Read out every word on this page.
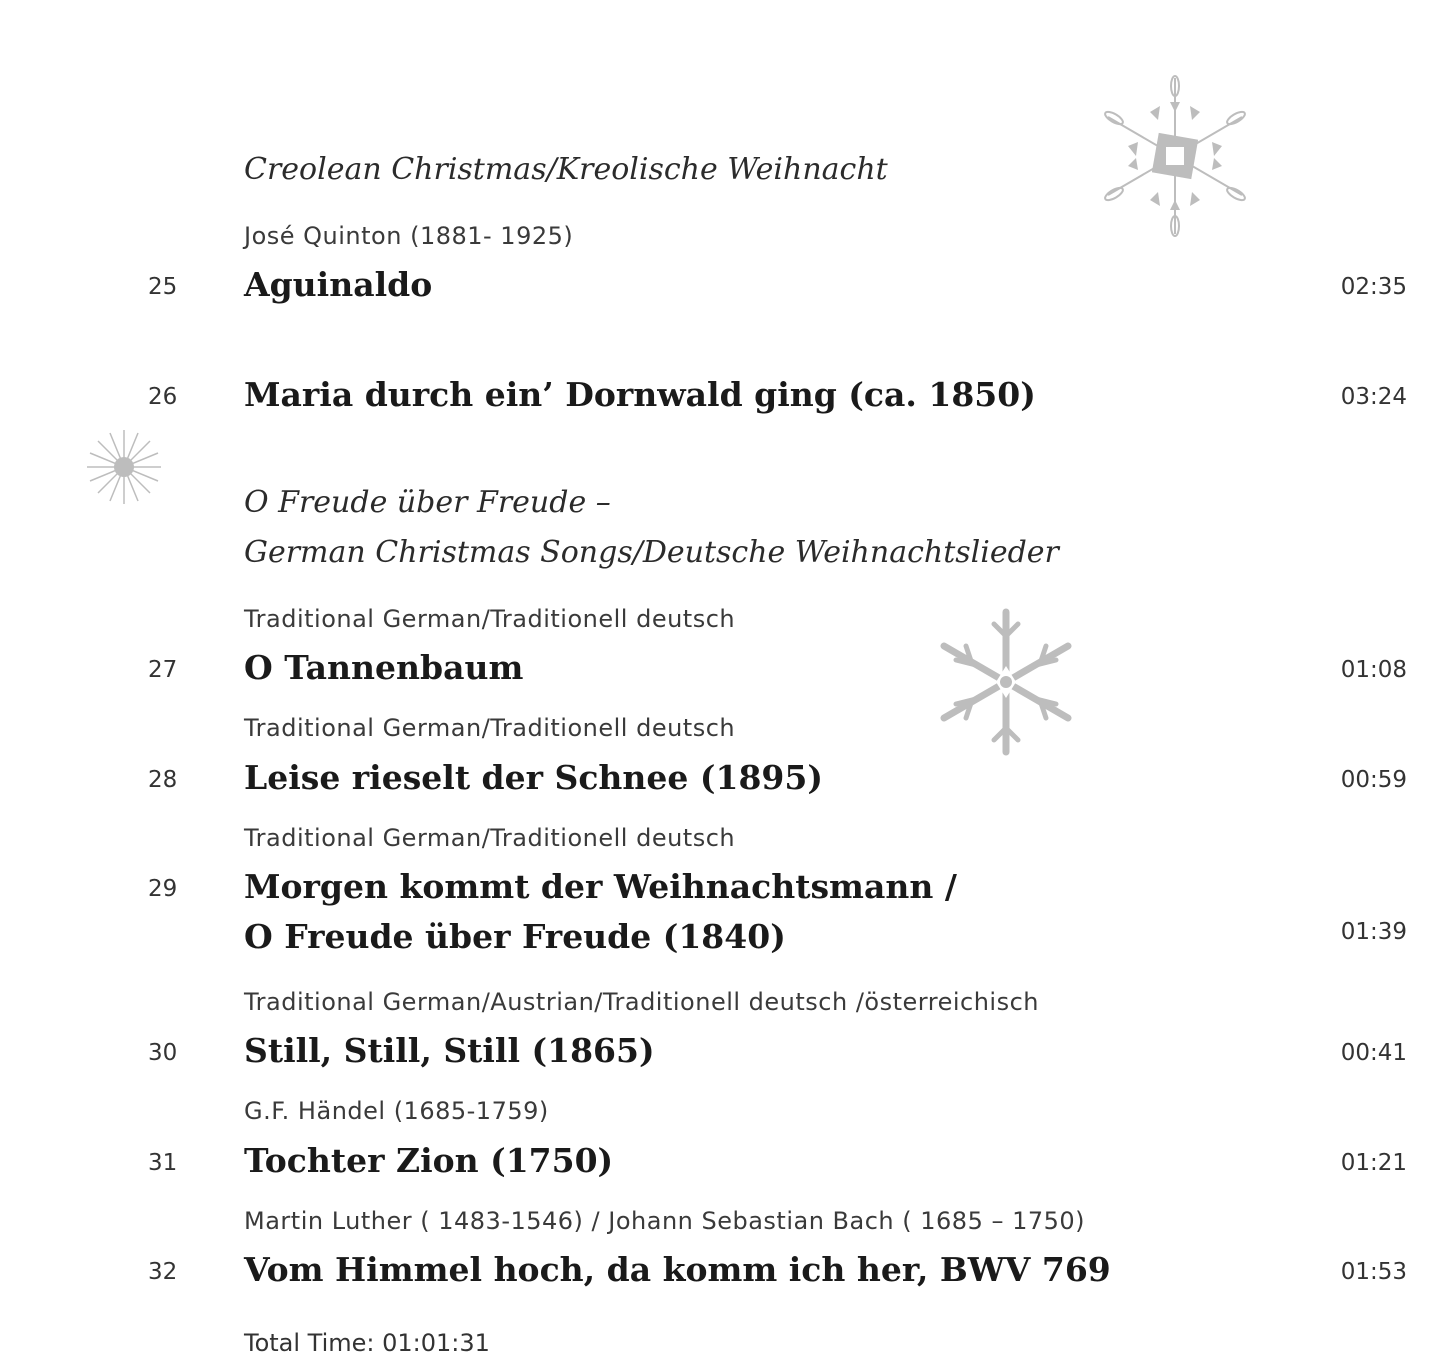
Creolean Christmas/Kreolische Weihnacht
José Quinton (1881- 1925)
25	Aguinaldo	02:35
26	Maria durch ein’ Dornwald ging (ca. 1850)	03:24
O Freude über Freude –
German Christmas Songs/Deutsche Weihnachtslieder
Traditional German/Traditionell deutsch
27	O Tannenbaum	01:08
Traditional German/Traditionell deutsch
28	Leise rieselt der Schnee (1895)	00:59
Traditional German/Traditionell deutsch
29	Morgen kommt der Weihnachtsmann /
O Freude über Freude (1840)	01:39
Traditional German/Austrian/Traditionell deutsch /österreichisch
30	Still, Still, Still (1865)	00:41
G.F. Händel (1685-1759)
31	Tochter Zion (1750)	01:21
Martin Luther ( 1483-1546) / Johann Sebastian Bach ( 1685 – 1750)
32	Vom Himmel hoch, da komm ich her, BWV 769	01:53
Total Time: 01:01:31
